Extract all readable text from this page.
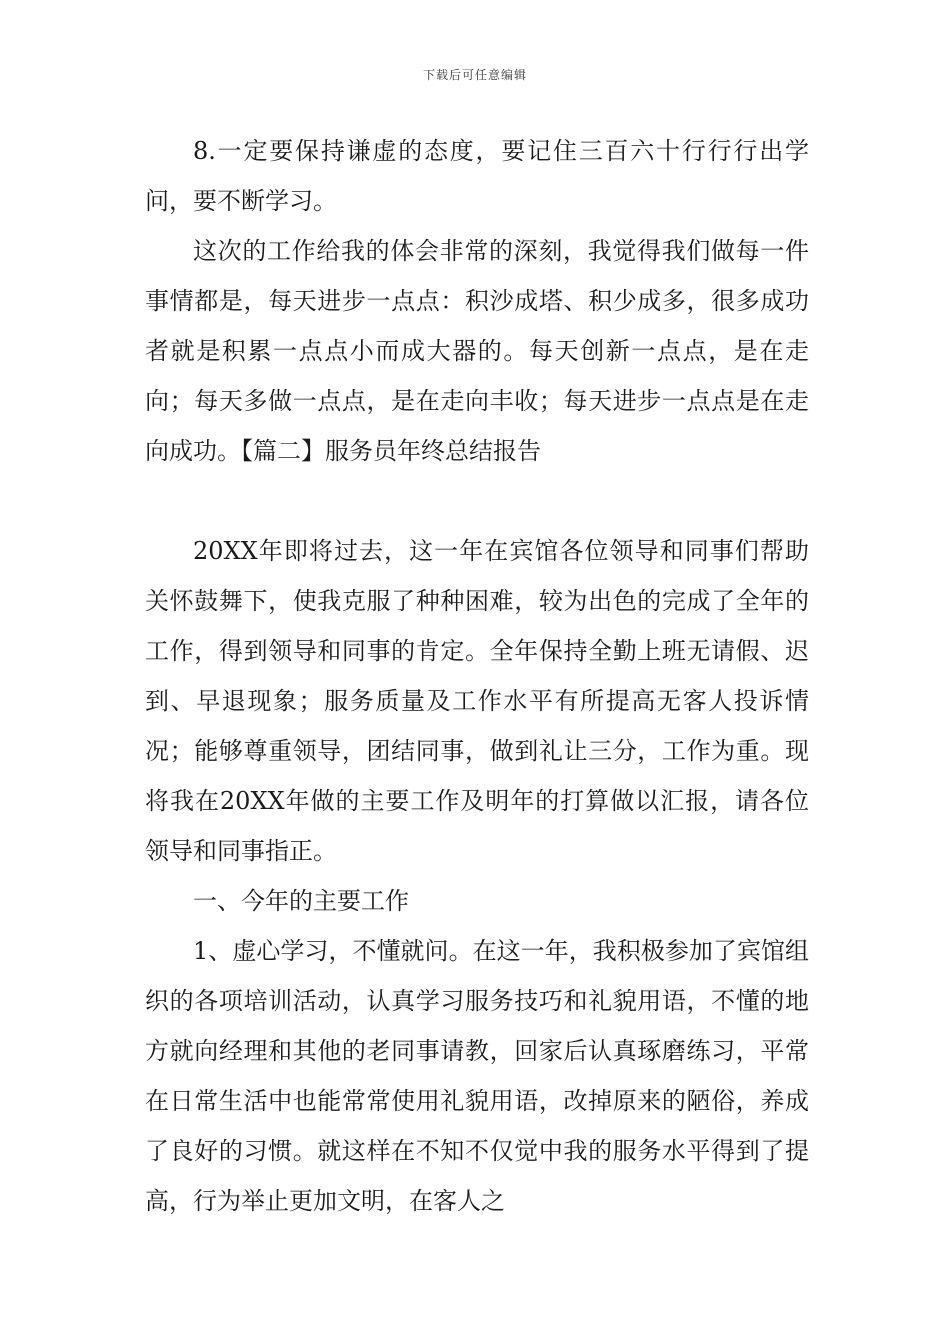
下载后可任意编辑

8.一定要保持谦虚的态度，要记住三百六十行行行出学问，要不断学习。

这次的工作给我的体会非常的深刻，我觉得我们做每一件事情都是，每天进步一点点：积沙成塔、积少成多，很多成功者就是积累一点点小而成大器的。每天创新一点点，是在走向；每天多做一点点，是在走向丰收；每天进步一点点是在走向成功。【篇二】服务员年终总结报告

20XX年即将过去，这一年在宾馆各位领导和同事们帮助关怀鼓舞下，使我克服了种种困难，较为出色的完成了全年的工作，得到领导和同事的肯定。全年保持全勤上班无请假、迟到、早退现象；服务质量及工作水平有所提高无客人投诉情况；能够尊重领导，团结同事，做到礼让三分，工作为重。现将我在20XX年做的主要工作及明年的打算做以汇报，请各位领导和同事指正。

一、今年的主要工作

1、虚心学习，不懂就问。在这一年，我积极参加了宾馆组织的各项培训活动，认真学习服务技巧和礼貌用语，不懂的地方就向经理和其他的老同事请教，回家后认真琢磨练习，平常在日常生活中也能常常使用礼貌用语，改掉原来的陋俗，养成了良好的习惯。就这样在不知不仅觉中我的服务水平得到了提高，行为举止更加文明，在客人之
